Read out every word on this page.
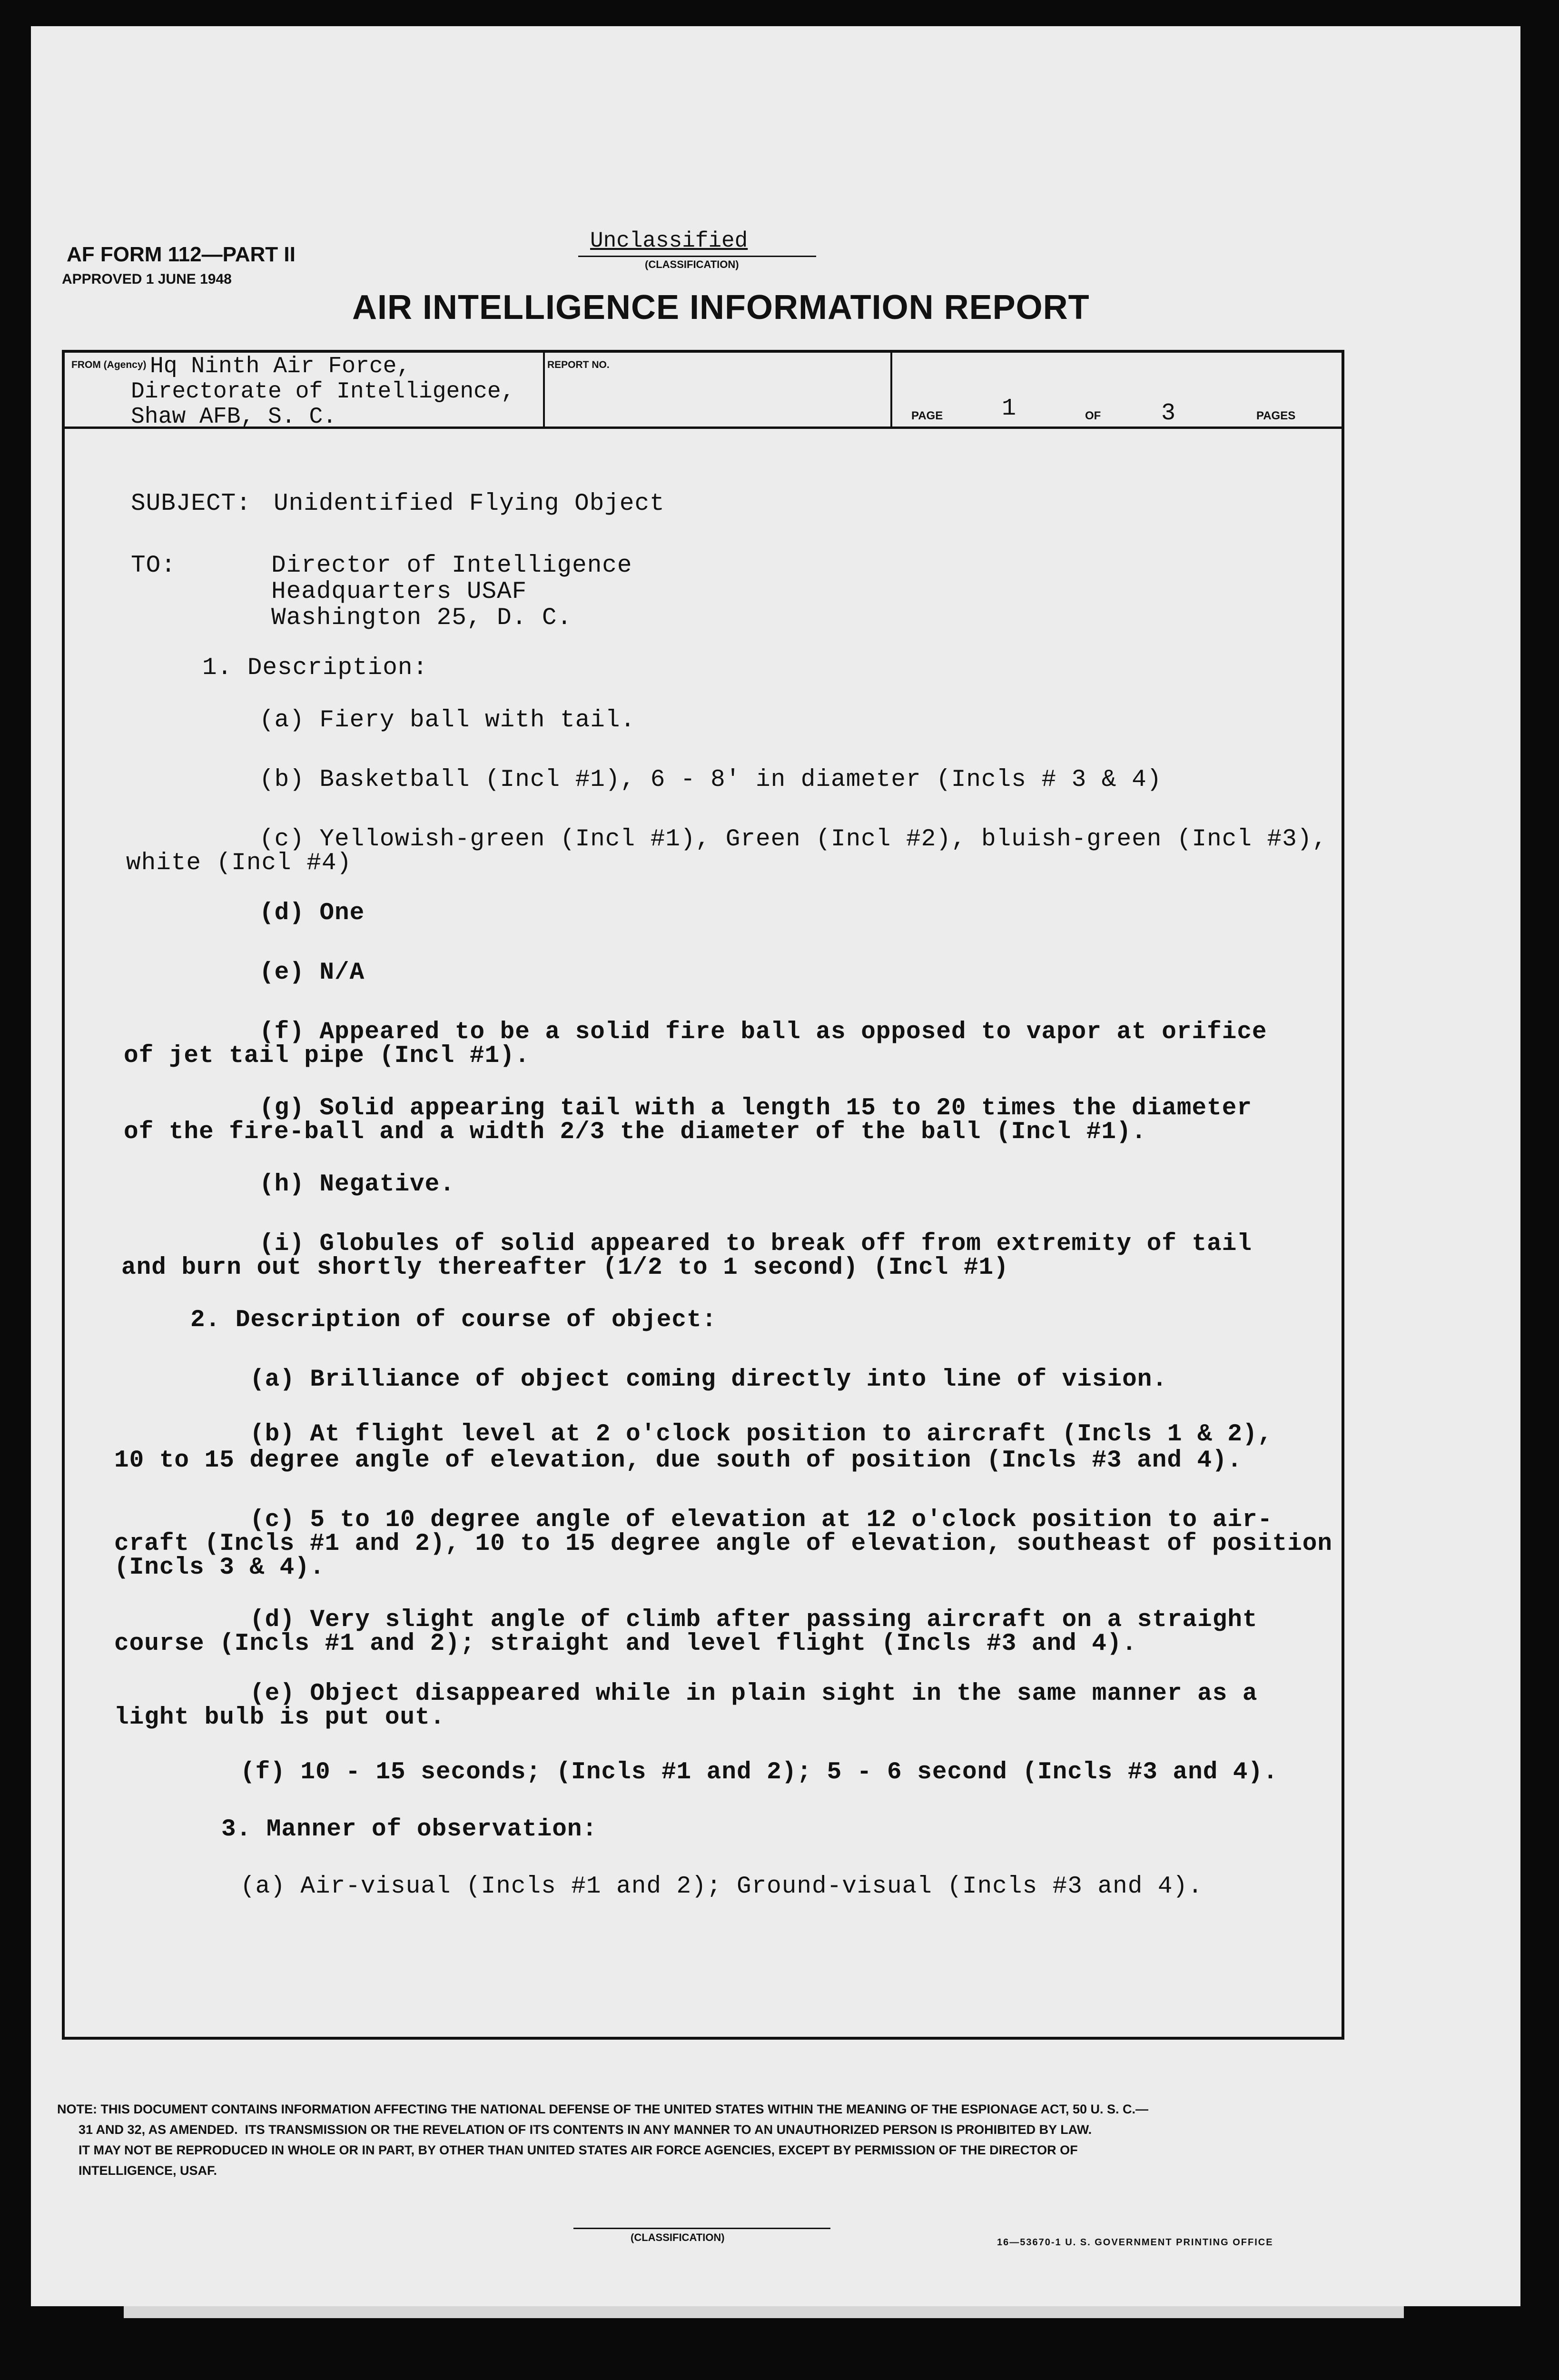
AF FORM 112—PART II
APPROVED 1 JUNE 1948
Unclassified
(CLASSIFICATION)
AIR INTELLIGENCE INFORMATION REPORT
FROM (Agency) Hq Ninth Air Force,
Directorate of Intelligence,
Shaw AFB, S. C.
REPORT NO.
PAGE 1	OF	3	PAGES
SUBJECT: Unidentified Flying Object
TO:	Director of Intelligence
Headquarters USAF
Washington 25, D. C.
1. Description:
(a) Fiery ball with tail.
(b) Basketball (Incl #1), 6 - 8' in diameter (Incls # 3 & 4)
(c) Yellowish-green (Incl #1), Green (Incl #2), bluish-green (Incl #3),
white (Incl #4)
(d) One
(e) N/A
(f) Appeared to be a solid fire ball as opposed to vapor at orifice
of jet tail pipe (Incl #1).
(g) Solid appearing tail with a length 15 to 20 times the diameter
of the fire-ball and a width 2/3 the diameter of the ball (Incl #1).
(h) Negative.
(i) Globules of solid appeared to break off from extremity of tail
and burn out shortly thereafter (1/2 to 1 second) (Incl #1)
2. Description of course of object:
(a) Brilliance of object coming directly into line of vision.
(b) At flight level at 2 o'clock position to aircraft (Incls 1 & 2),
10 to 15 degree angle of elevation, due south of position (Incls #3 and 4).
(c) 5 to 10 degree angle of elevation at 12 o'clock position to air-
craft (Incls #1 and 2), 10 to 15 degree angle of elevation, southeast of position
(Incls 3 & 4).
(d) Very slight angle of climb after passing aircraft on a straight
course (Incls #1 and 2); straight and level flight (Incls #3 and 4).
(e) Object disappeared while in plain sight in the same manner as a
light bulb is put out.
(f) 10 - 15 seconds; (Incls #1 and 2); 5 - 6 second (Incls #3 and 4).
3. Manner of observation:
(a) Air-visual (Incls #1 and 2); Ground-visual (Incls #3 and 4).
NOTE: THIS DOCUMENT CONTAINS INFORMATION AFFECTING THE NATIONAL DEFENSE OF THE UNITED STATES WITHIN THE MEANING OF THE ESPIONAGE ACT, 50 U. S. C.—
31 AND 32, AS AMENDED.  ITS TRANSMISSION OR THE REVELATION OF ITS CONTENTS IN ANY MANNER TO AN UNAUTHORIZED PERSON IS PROHIBITED BY LAW.
IT MAY NOT BE REPRODUCED IN WHOLE OR IN PART, BY OTHER THAN UNITED STATES AIR FORCE AGENCIES, EXCEPT BY PERMISSION OF THE DIRECTOR OF
INTELLIGENCE, USAF.
(CLASSIFICATION)	16—53670-1 U. S. GOVERNMENT PRINTING OFFICE
